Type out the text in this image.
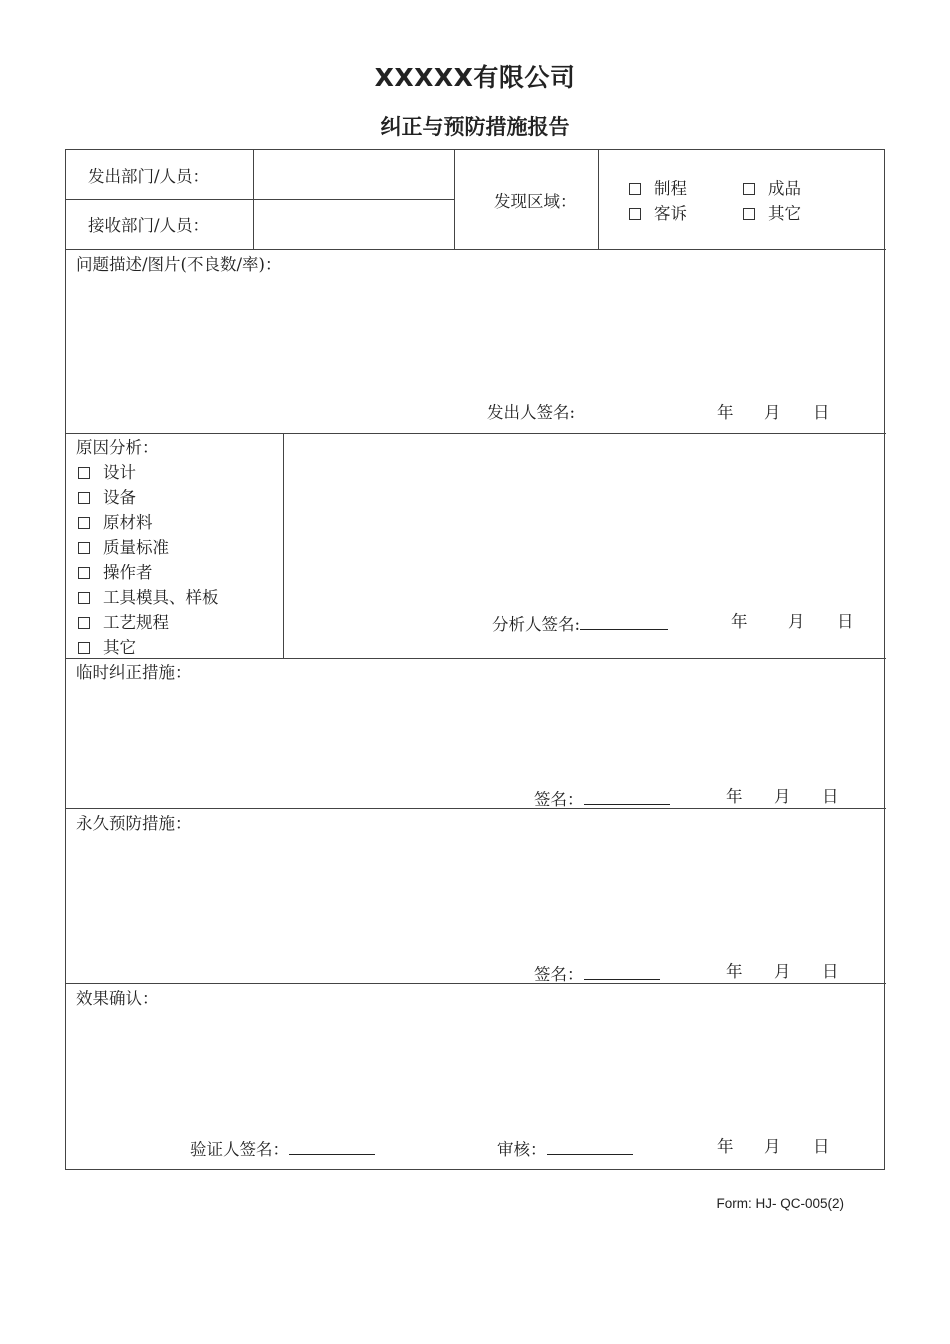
XXXXX有限公司
纠正与预防措施报告
发出部门/人员：
接收部门/人员：
发现区域：
制程	成品
客诉	其它
问题描述/图片(不良数/率)：
发出人签名:	年 月 日
原因分析：
设计
设备
原材料
质量标准
操作者
工具模具、样板
工艺规程
其它
分析人签名:	年 月 日
临时纠正措施：
签名：	年 月 日
永久预防措施：
签名：	年 月 日
效果确认：
验证人签名：	审核：	年 月 日
Form: HJ- QC-005(2)
